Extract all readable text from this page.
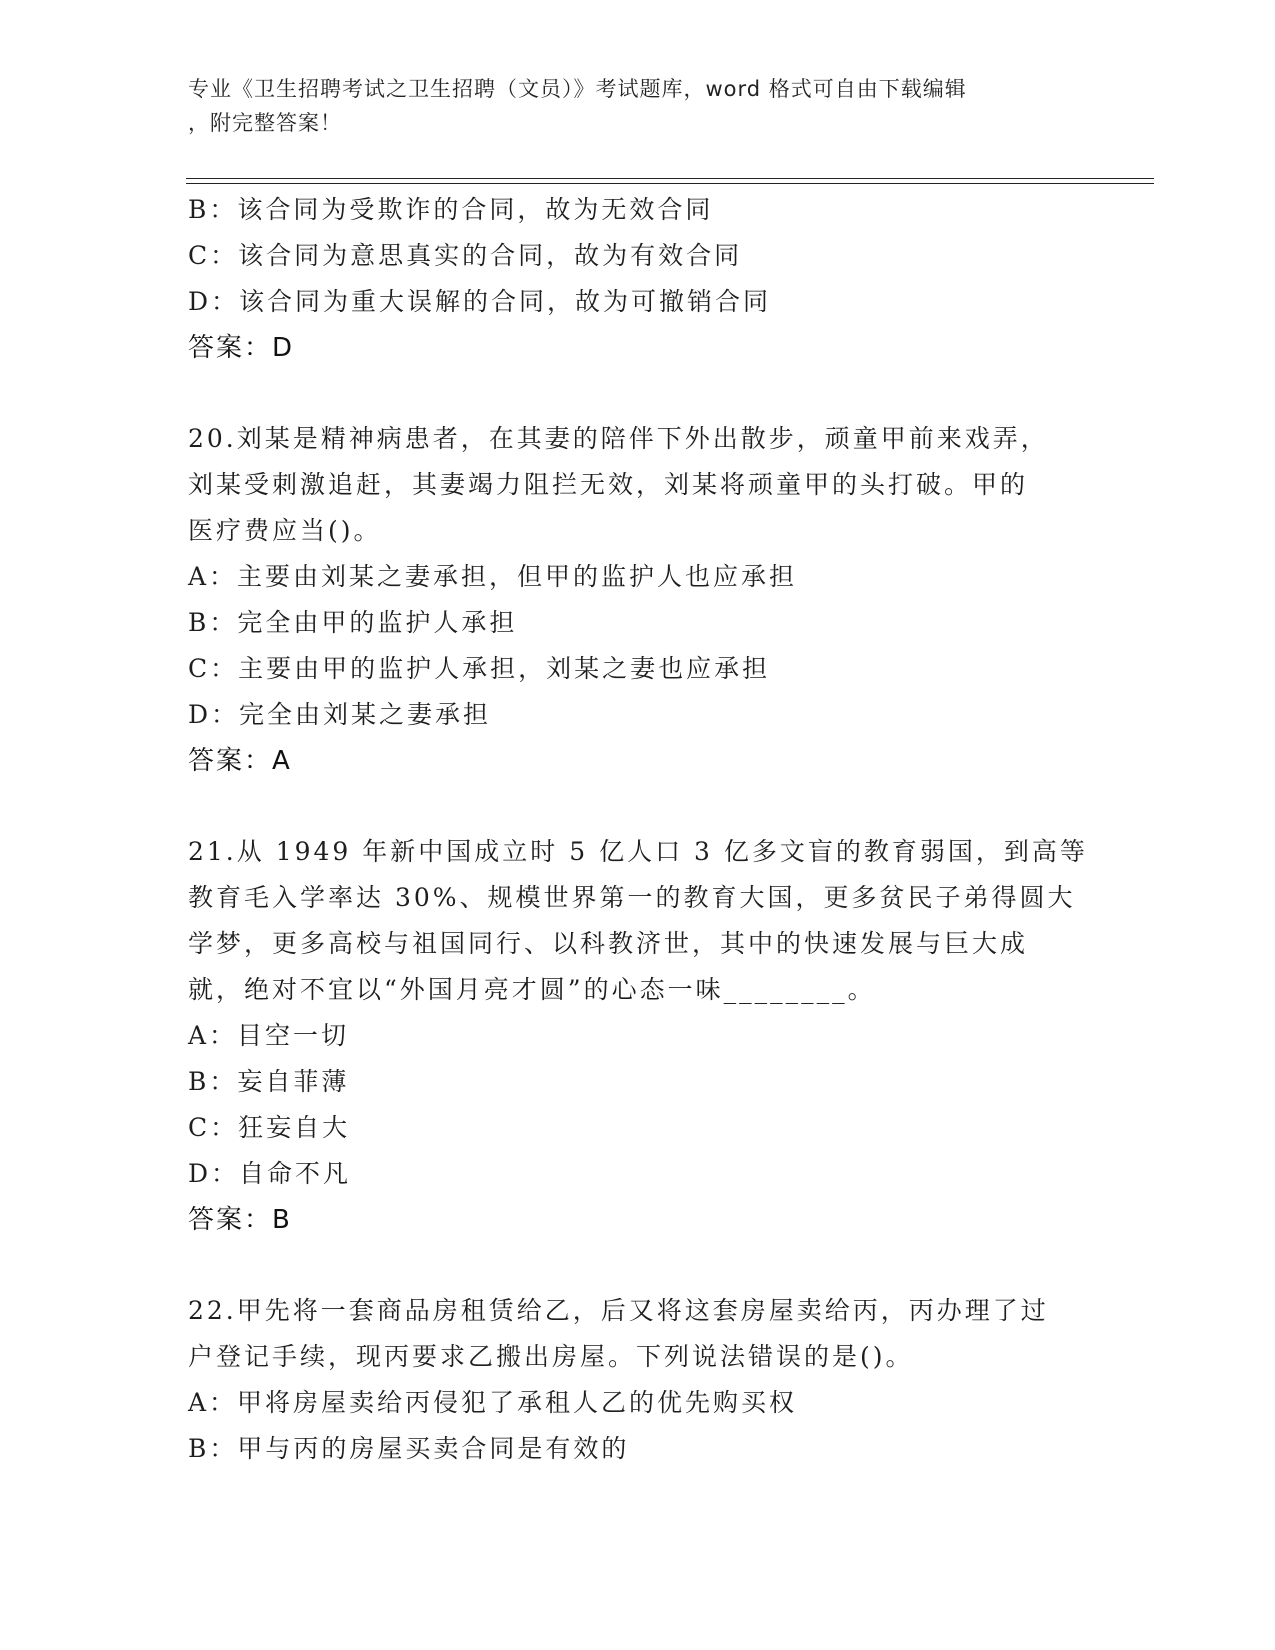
专业《卫生招聘考试之卫生招聘（文员）》考试题库，word 格式可自由下载编辑
，附完整答案！
B：该合同为受欺诈的合同，故为无效合同
C：该合同为意思真实的合同，故为有效合同
D：该合同为重大误解的合同，故为可撤销合同
答案：D
20.刘某是精神病患者，在其妻的陪伴下外出散步，顽童甲前来戏弄，
刘某受刺激追赶，其妻竭力阻拦无效，刘某将顽童甲的头打破。甲的
医疗费应当()。
A：主要由刘某之妻承担，但甲的监护人也应承担
B：完全由甲的监护人承担
C：主要由甲的监护人承担，刘某之妻也应承担
D：完全由刘某之妻承担
答案：A
21.从 1949 年新中国成立时 5 亿人口 3 亿多文盲的教育弱国，到高等
教育毛入学率达 30%、规模世界第一的教育大国，更多贫民子弟得圆大
学梦，更多高校与祖国同行、以科教济世，其中的快速发展与巨大成
就，绝对不宜以“外国月亮才圆”的心态一味________。
A：目空一切
B：妄自菲薄
C：狂妄自大
D：自命不凡
答案：B
22.甲先将一套商品房租赁给乙，后又将这套房屋卖给丙，丙办理了过
户登记手续，现丙要求乙搬出房屋。下列说法错误的是()。
A：甲将房屋卖给丙侵犯了承租人乙的优先购买权
B：甲与丙的房屋买卖合同是有效的
